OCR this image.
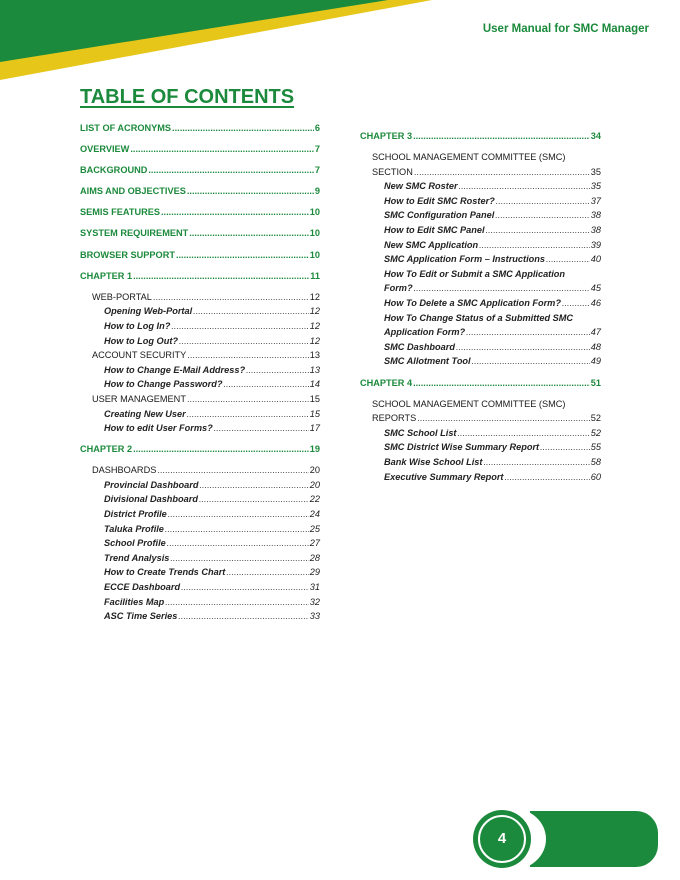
User Manual for SMC Manager
TABLE OF CONTENTS
LIST OF ACRONYMS .....	6
OVERVIEW .....	7
BACKGROUND .....	7
AIMS AND OBJECTIVES .....	9
SEMIS FEATURES .....	10
SYSTEM REQUIREMENT .....	10
BROWSER SUPPORT .....	10
CHAPTER 1 .....	11
WEB-PORTAL .....	12
Opening Web-Portal .....	12
How to Log In? .....	12
How to Log Out? .....	12
ACCOUNT SECURITY .....	13
How to Change E-Mail Address? .....	13
How to Change Password? .....	14
USER MANAGEMENT .....	15
Creating New User .....	15
How to edit User Forms? .....	17
CHAPTER 2 .....	19
DASHBOARDS .....	20
Provincial Dashboard .....	20
Divisional Dashboard .....	22
District Profile .....	24
Taluka Profile .....	25
School Profile .....	27
Trend Analysis .....	28
How to Create Trends Chart .....	29
ECCE Dashboard .....	31
Facilities Map .....	32
ASC Time Series .....	33
CHAPTER 3 .....	34
SCHOOL MANAGEMENT COMMITTEE (SMC)
SECTION .....	35
New SMC Roster .....	35
How to Edit SMC Roster? .....	37
SMC Configuration Panel .....	38
How to Edit SMC Panel .....	38
New SMC Application .....	39
SMC Application Form – Instructions .....	40
How To Edit or Submit a SMC Application
Form? .....	45
How To Delete a SMC Application Form? .....	46
How To Change Status of a Submitted SMC
Application Form? .....	47
SMC Dashboard .....	48
SMC Allotment Tool .....	49
CHAPTER 4 .....	51
SCHOOL MANAGEMENT COMMITTEE (SMC)
REPORTS .....	52
SMC School List .....	52
SMC District Wise Summary Report .....	55
Bank Wise School List .....	58
Executive Summary Report .....	60
4
